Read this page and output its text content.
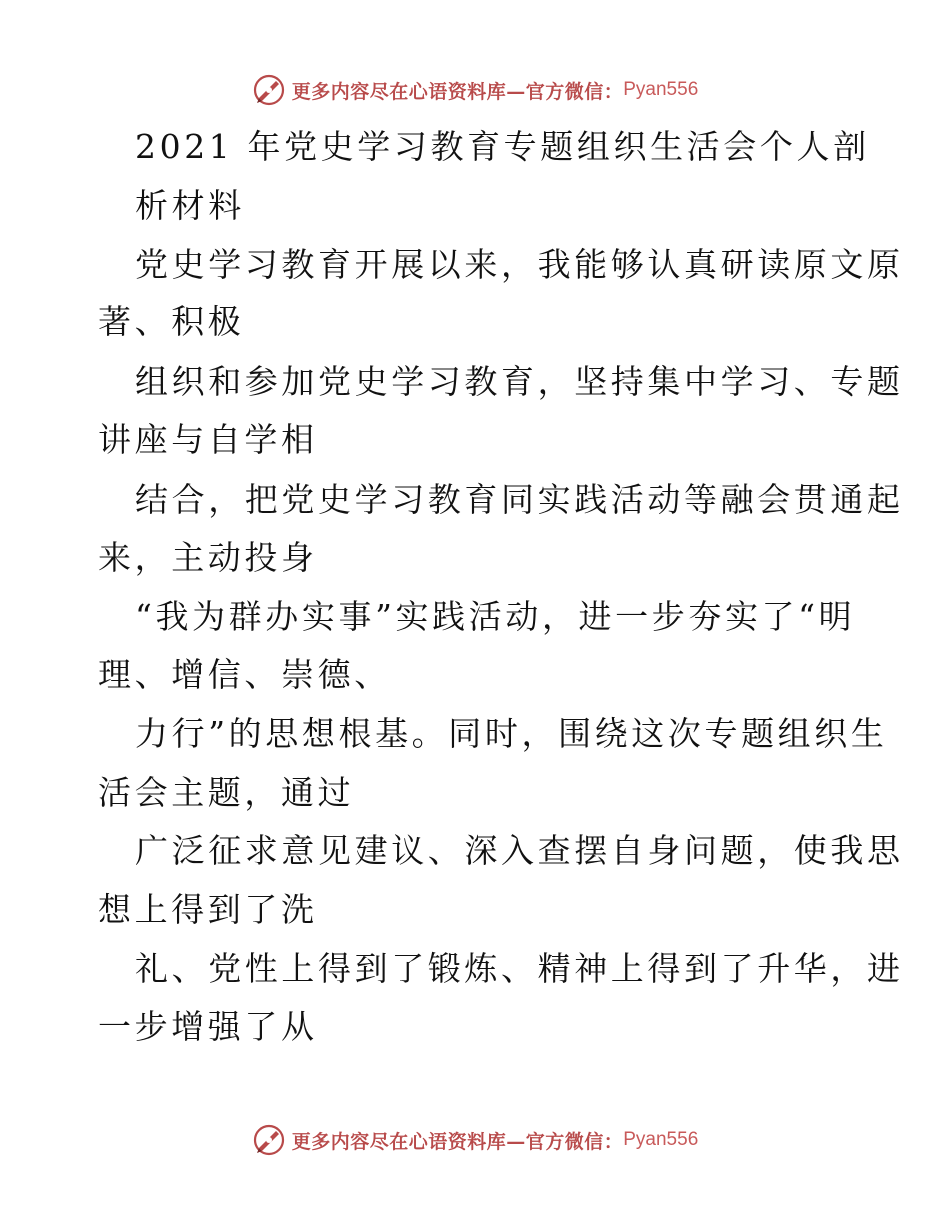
更多内容尽在心语资料库—官方微信： Pyan556
2021 年党史学习教育专题组织生活会个人剖
析材料
党史学习教育开展以来，我能够认真研读原文原
著、积极
组织和参加党史学习教育，坚持集中学习、专题
讲座与自学相
结合，把党史学习教育同实践活动等融会贯通起
来，主动投身
“我为群办实事”实践活动，进一步夯实了“明
理、增信、崇德、
力行”的思想根基。同时，围绕这次专题组织生
活会主题，通过
广泛征求意见建议、深入查摆自身问题，使我思
想上得到了洗
礼、党性上得到了锻炼、精神上得到了升华，进
一步增强了从
更多内容尽在心语资料库—官方微信： Pyan556
